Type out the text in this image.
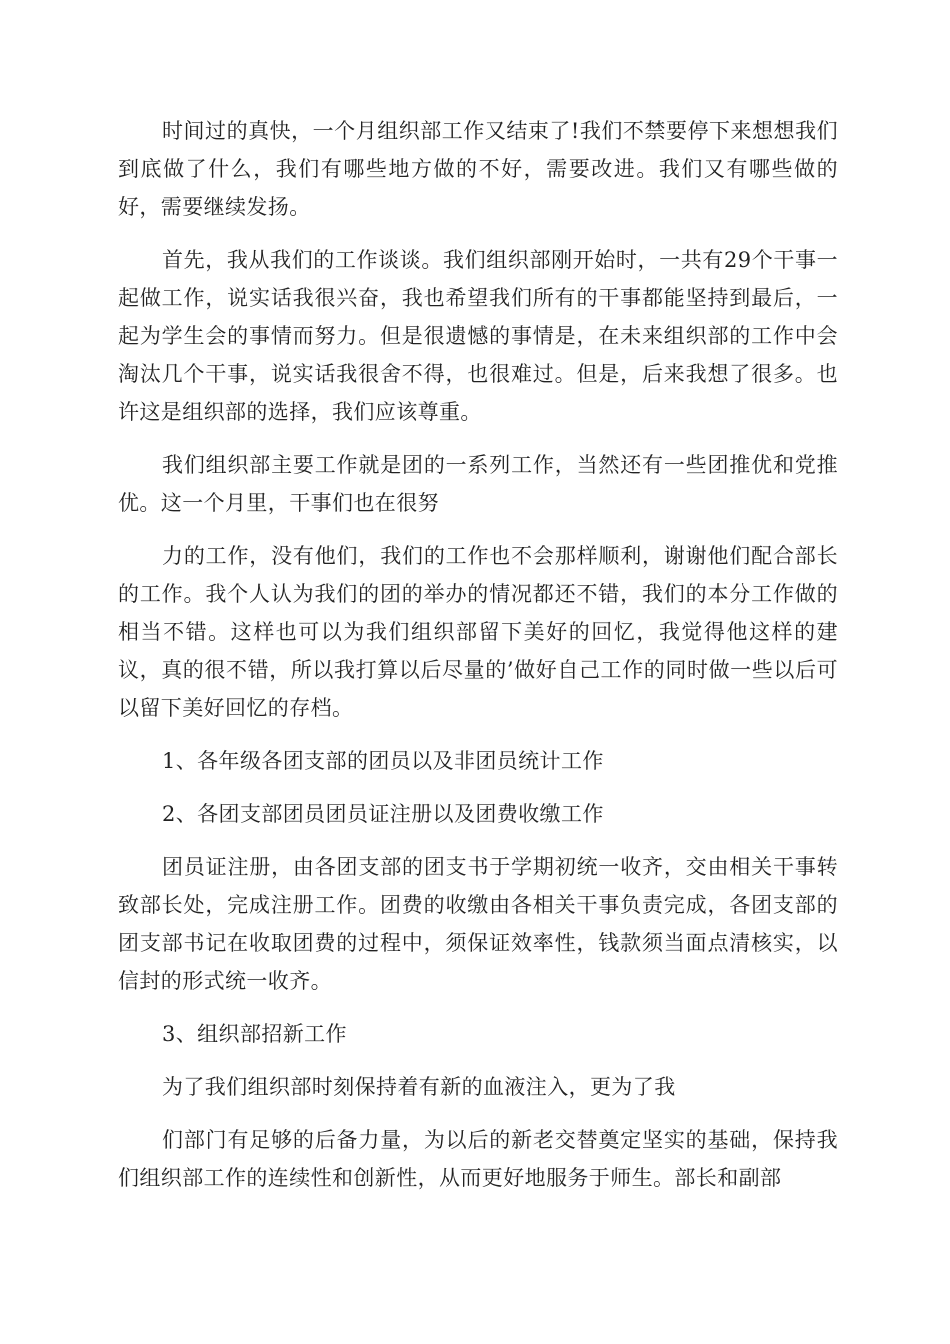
时间过的真快，一个月组织部工作又结束了!我们不禁要停下来想想我们到底做了什么，我们有哪些地方做的不好，需要改进。我们又有哪些做的好，需要继续发扬。

首先，我从我们的工作谈谈。我们组织部刚开始时，一共有29个干事一起做工作，说实话我很兴奋，我也希望我们所有的干事都能坚持到最后，一起为学生会的事情而努力。但是很遗憾的事情是，在未来组织部的工作中会淘汰几个干事，说实话我很舍不得，也很难过。但是，后来我想了很多。也许这是组织部的选择，我们应该尊重。

我们组织部主要工作就是团的一系列工作，当然还有一些团推优和党推优。这一个月里，干事们也在很努

力的工作，没有他们，我们的工作也不会那样顺利，谢谢他们配合部长的工作。我个人认为我们的团的举办的情况都还不错，我们的本分工作做的相当不错。这样也可以为我们组织部留下美好的回忆，我觉得他这样的建议，真的很不错，所以我打算以后尽量的’做好自己工作的同时做一些以后可以留下美好回忆的存档。

1、各年级各团支部的团员以及非团员统计工作

2、各团支部团员团员证注册以及团费收缴工作

团员证注册，由各团支部的团支书于学期初统一收齐，交由相关干事转致部长处，完成注册工作。团费的收缴由各相关干事负责完成，各团支部的团支部书记在收取团费的过程中，须保证效率性，钱款须当面点清核实，以信封的形式统一收齐。

3、组织部招新工作

为了我们组织部时刻保持着有新的血液注入，更为了我

们部门有足够的后备力量，为以后的新老交替奠定坚实的基础，保持我们组织部工作的连续性和创新性，从而更好地服务于师生。部长和副部
